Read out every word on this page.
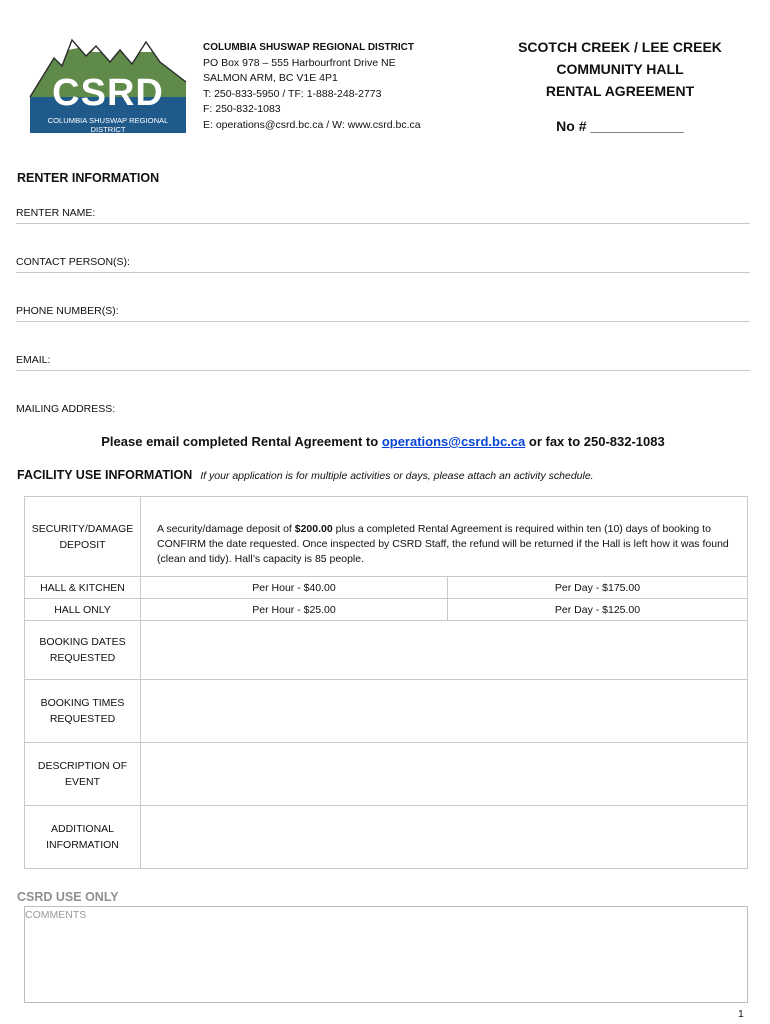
CSRD
COLUMBIA SHUSWAP REGIONAL DISTRICT
COLUMBIA SHUSWAP REGIONAL DISTRICT
PO Box 978 – 555 Harbourfront Drive NE
SALMON ARM, BC V1E 4P1
T: 250-833-5950 / TF: 1-888-248-2773
F: 250-832-1083
E: operations@csrd.bc.ca / W: www.csrd.bc.ca
SCOTCH CREEK / LEE CREEK
COMMUNITY HALL
RENTAL AGREEMENT
No # ____________
RENTER INFORMATION
RENTER NAME:
CONTACT PERSON(S):
PHONE NUMBER(S):
EMAIL:
MAILING ADDRESS:
Please email completed Rental Agreement to operations@csrd.bc.ca or fax to 250-832-1083
FACILITY USE INFORMATION If your application is for multiple activities or days, please attach an activity schedule.
SECURITY/DAMAGE DEPOSIT	A security/damage deposit of $200.00 plus a completed Rental Agreement is required within ten (10) days of booking to CONFIRM the date requested. Once inspected by CSRD Staff, the refund will be returned if the Hall is left how it was found (clean and tidy). Hall’s capacity is 85 people.	

HALL & KITCHEN	Per Hour - $40.00	Per Day - $175.00
HALL ONLY	Per Hour - $25.00	Per Day - $125.00
BOOKING DATES REQUESTED		
BOOKING TIMES REQUESTED		
DESCRIPTION OF EVENT		
ADDITIONAL INFORMATION		
CSRD USE ONLY
COMMENTS
1
